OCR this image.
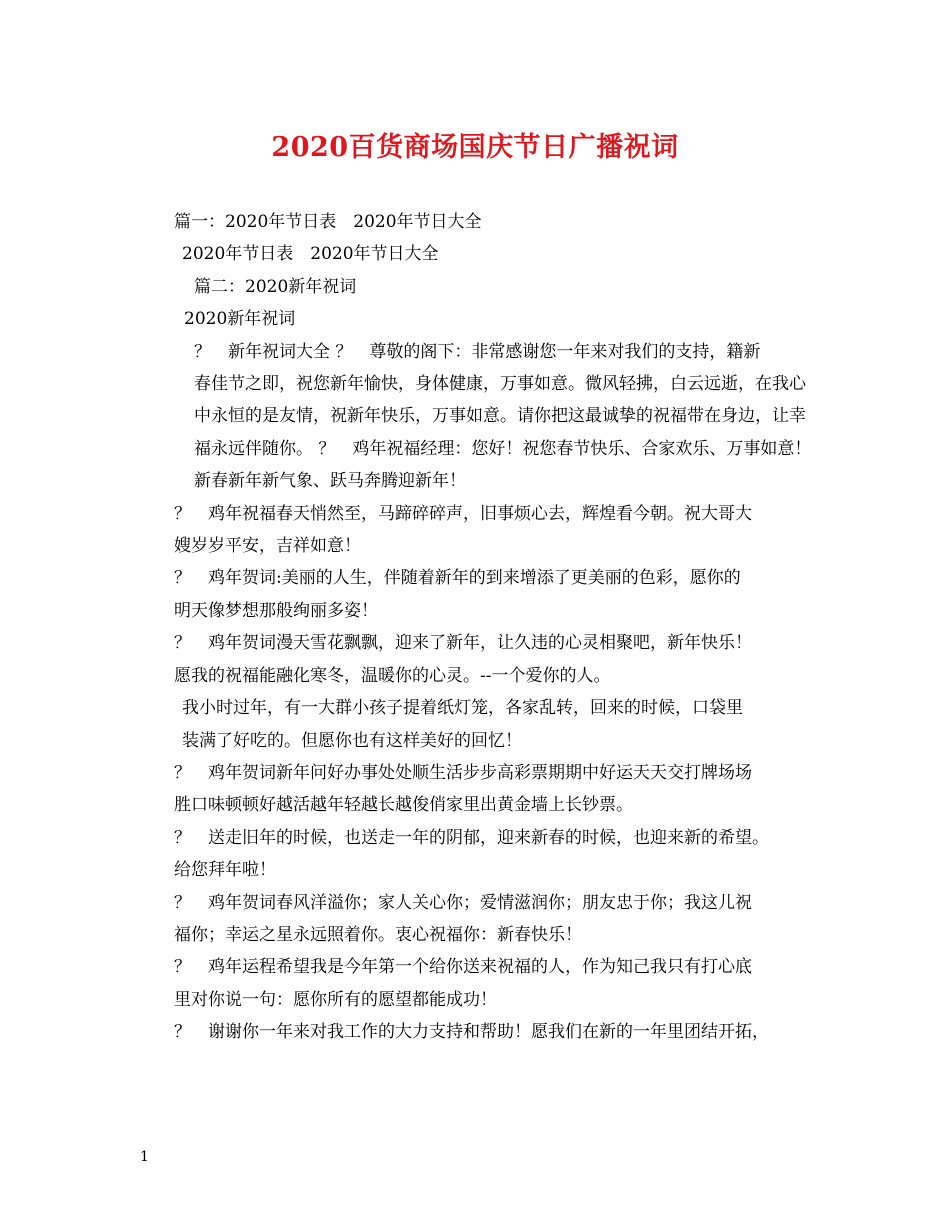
2020百货商场国庆节日广播祝词

篇一：2020年节日表　2020年节日大全

2020年节日表　2020年节日大全

篇二：2020新年祝词

2020新年祝词

？　新年祝词大全 ？　尊敬的阁下：非常感谢您一年来对我们的支持，籍新
春佳节之即，祝您新年愉快，身体健康，万事如意。微风轻拂，白云远逝，在我心
中永恒的是友情，祝新年快乐，万事如意。请你把这最诚挚的祝福带在身边，让幸
福永远伴随你。 ？　鸡年祝福经理：您好！祝您春节快乐、合家欢乐、万事如意！
新春新年新气象、跃马奔腾迎新年！

？　鸡年祝福春天悄然至，马蹄碎碎声，旧事烦心去，辉煌看今朝。祝大哥大
嫂岁岁平安，吉祥如意！

？　鸡年贺词:美丽的人生，伴随着新年的到来增添了更美丽的色彩，愿你的
明天像梦想那般绚丽多姿！

？　鸡年贺词漫天雪花飘飘，迎来了新年，让久违的心灵相聚吧，新年快乐！
愿我的祝福能融化寒冬，温暖你的心灵。--一个爱你的人。

我小时过年，有一大群小孩子提着纸灯笼，各家乱转，回来的时候，口袋里
装满了好吃的。但愿你也有这样美好的回忆！

？　鸡年贺词新年问好办事处处顺生活步步高彩票期期中好运天天交打牌场场
胜口味顿顿好越活越年轻越长越俊俏家里出黄金墙上长钞票。

？　送走旧年的时候，也送走一年的阴郁，迎来新春的时候，也迎来新的希望。
给您拜年啦！

？　鸡年贺词春风洋溢你；家人关心你；爱情滋润你；朋友忠于你；我这儿祝
福你；幸运之星永远照着你。衷心祝福你：新春快乐！

？　鸡年运程希望我是今年第一个给你送来祝福的人，作为知己我只有打心底
里对你说一句：愿你所有的愿望都能成功！

？　谢谢你一年来对我工作的大力支持和帮助！愿我们在新的一年里团结开拓，

1
